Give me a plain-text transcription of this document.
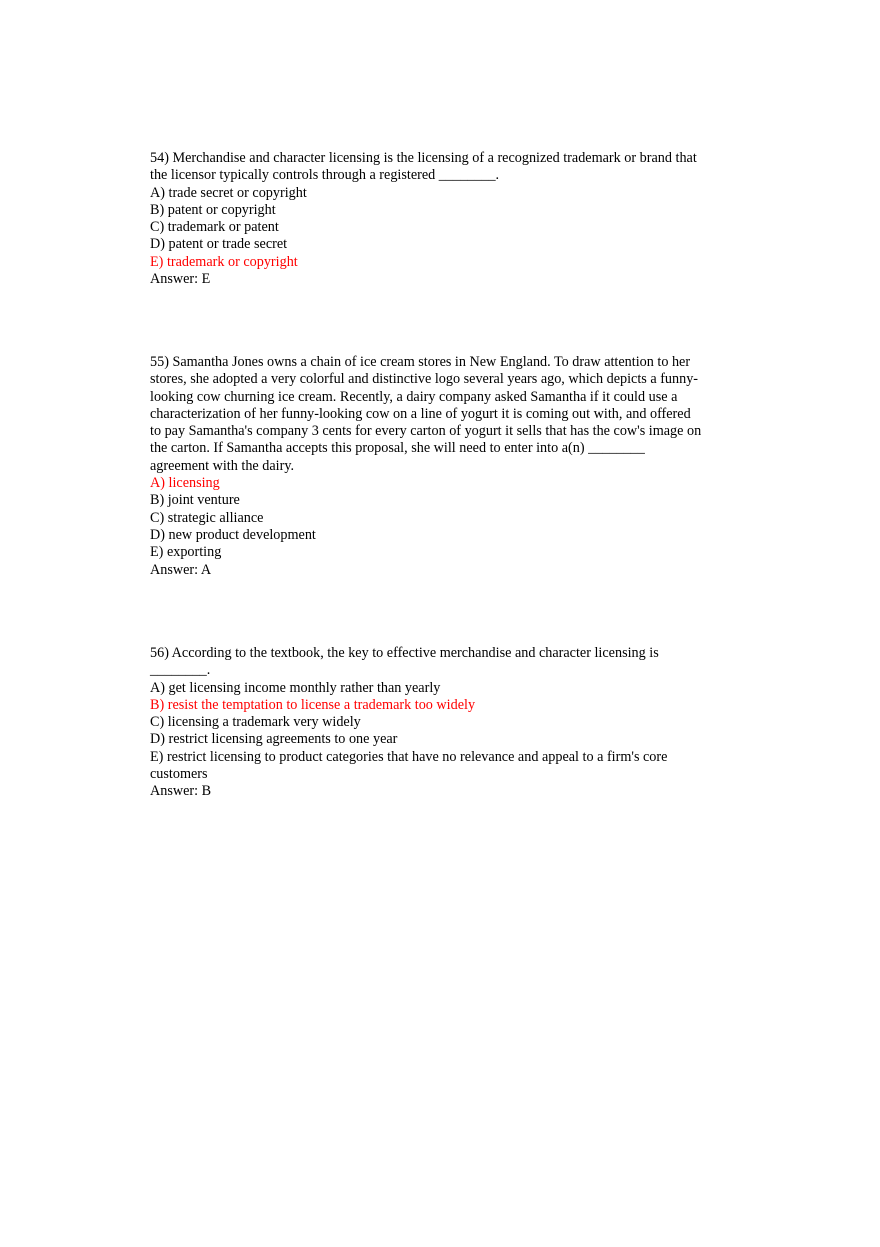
54) Merchandise and character licensing is the licensing of a recognized trademark or brand that
the licensor typically controls through a registered ________.
A) trade secret or copyright
B) patent or copyright
C) trademark or patent
D) patent or trade secret
E) trademark or copyright
Answer: E
55) Samantha Jones owns a chain of ice cream stores in New England. To draw attention to her
stores, she adopted a very colorful and distinctive logo several years ago, which depicts a funny-
looking cow churning ice cream. Recently, a dairy company asked Samantha if it could use a
characterization of her funny-looking cow on a line of yogurt it is coming out with, and offered
to pay Samantha's company 3 cents for every carton of yogurt it sells that has the cow's image on
the carton. If Samantha accepts this proposal, she will need to enter into a(n) ________
agreement with the dairy.
A) licensing
B) joint venture
C) strategic alliance
D) new product development
E) exporting
Answer: A
56) According to the textbook, the key to effective merchandise and character licensing is
________.
A) get licensing income monthly rather than yearly
B) resist the temptation to license a trademark too widely
C) licensing a trademark very widely
D) restrict licensing agreements to one year
E) restrict licensing to product categories that have no relevance and appeal to a firm's core
customers
Answer: B
